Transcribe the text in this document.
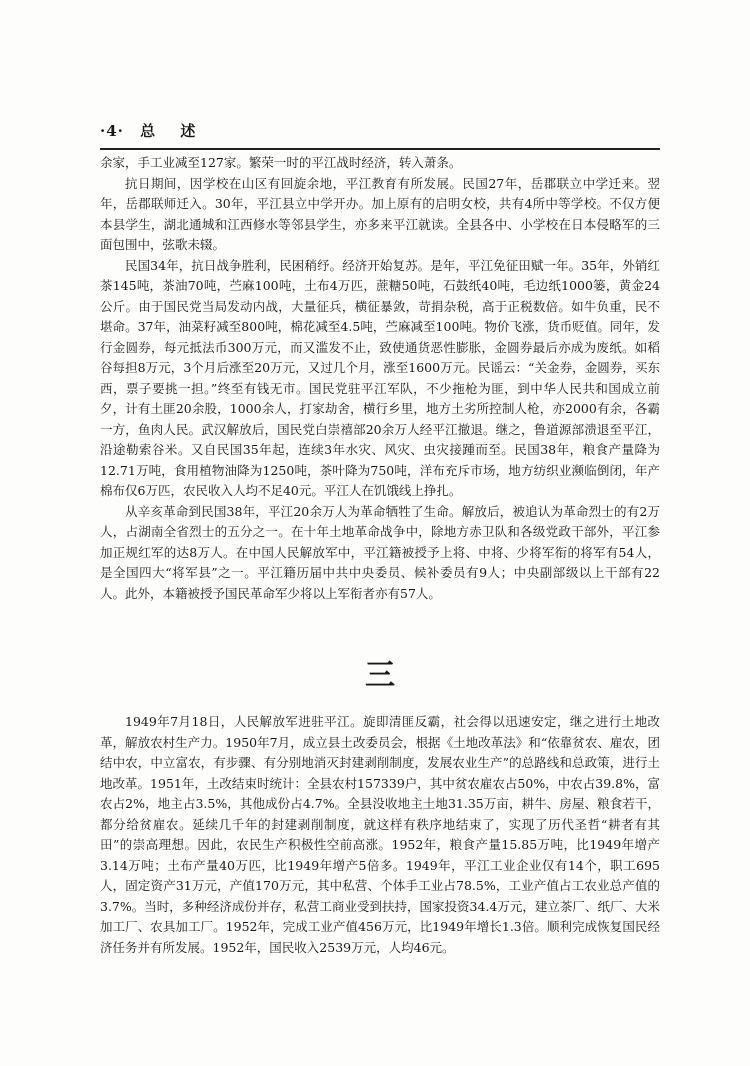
·4· 总 述

余家，手工业减至127家。繁荣一时的平江战时经济，转入萧条。

抗日期间，因学校在山区有回旋余地，平江教育有所发展。民国27年，岳郡联立中学迁来。翌年，岳郡联师迁入。30年，平江县立中学开办。加上原有的启明女校，共有4所中等学校。不仅方便本县学生，湖北通城和江西修水等邻县学生，亦多来平江就读。全县各中、小学校在日本侵略军的三面包围中，弦歌未辍。

民国34年，抗日战争胜利，民困稍纾。经济开始复苏。是年，平江免征田赋一年。35年，外销红茶145吨，茶油70吨，苎麻100吨，土布4万匹，蔗糖50吨，石鼓纸40吨，毛边纸1000篓，黄金24公斤。由于国民党当局发动内战，大量征兵，横征暴敛，苛捐杂税，高于正税数倍。如牛负重，民不堪命。37年，油菜籽减至800吨，棉花减至4.5吨，苎麻减至100吨。物价飞涨，货币贬值。同年，发行金圆券，每元抵法币300万元，而又滥发不止，致使通货恶性膨胀，金圆券最后亦成为废纸。如稻谷每担8万元，3个月后涨至20万元，又过几个月，涨至1600万元。民谣云：“关金券，金圆券，买东西，票子要挑一担。”终至有钱无市。国民党驻平江军队，不少拖枪为匪，到中华人民共和国成立前夕，计有土匪20余股，1000余人，打家劫舍，横行乡里，地方土劣所控制人枪，亦2000有余，各霸一方，鱼肉人民。武汉解放后，国民党白崇禧部20余万人经平江撤退。继之，鲁道源部溃退至平江，沿途勒索谷米。又自民国35年起，连续3年水灾、风灾、虫灾接踵而至。民国38年，粮食产量降为12.71万吨，食用植物油降为1250吨，茶叶降为750吨，洋布充斥市场，地方纺织业濒临倒闭，年产棉布仅6万匹，农民收入人均不足40元。平江人在饥饿线上挣扎。

从辛亥革命到民国38年，平江20余万人为革命牺牲了生命。解放后，被追认为革命烈士的有2万人，占湖南全省烈士的五分之一。在十年土地革命战争中，除地方赤卫队和各级党政干部外，平江参加正规红军的达8万人。在中国人民解放军中，平江籍被授予上将、中将、少将军衔的将军有54人，是全国四大“将军县”之一。平江籍历届中共中央委员、候补委员有9人；中央副部级以上干部有22人。此外，本籍被授予国民革命军少将以上军衔者亦有57人。

三

1949年7月18日，人民解放军进驻平江。旋即清匪反霸，社会得以迅速安定，继之进行土地改革，解放农村生产力。1950年7月，成立县土改委员会，根据《土地改革法》和“依靠贫农、雇农，团结中农，中立富农，有步骤、有分别地消灭封建剥削制度，发展农业生产”的总路线和总政策，进行土地改革。1951年，土改结束时统计：全县农村157339户，其中贫农雇农占50%，中农占39.8%，富农占2%，地主占3.5%，其他成份占4.7%。全县没收地主土地31.35万亩，耕牛、房屋、粮食若干，都分给贫雇农。延续几千年的封建剥削制度，就这样有秩序地结束了，实现了历代圣哲“耕者有其田”的崇高理想。因此，农民生产积极性空前高涨。1952年，粮食产量15.85万吨，比1949年增产3.14万吨；土布产量40万匹，比1949年增产5倍多。1949年，平江工业企业仅有14个，职工695人，固定资产31万元，产值170万元，其中私营、个体手工业占78.5%，工业产值占工农业总产值的3.7%。当时，多种经济成份并存，私营工商业受到扶持，国家投资34.4万元，建立茶厂、纸厂、大米加工厂、农具加工厂。1952年，完成工业产值456万元，比1949年增长1.3倍。顺利完成恢复国民经济任务并有所发展。1952年，国民收入2539万元，人均46元。
